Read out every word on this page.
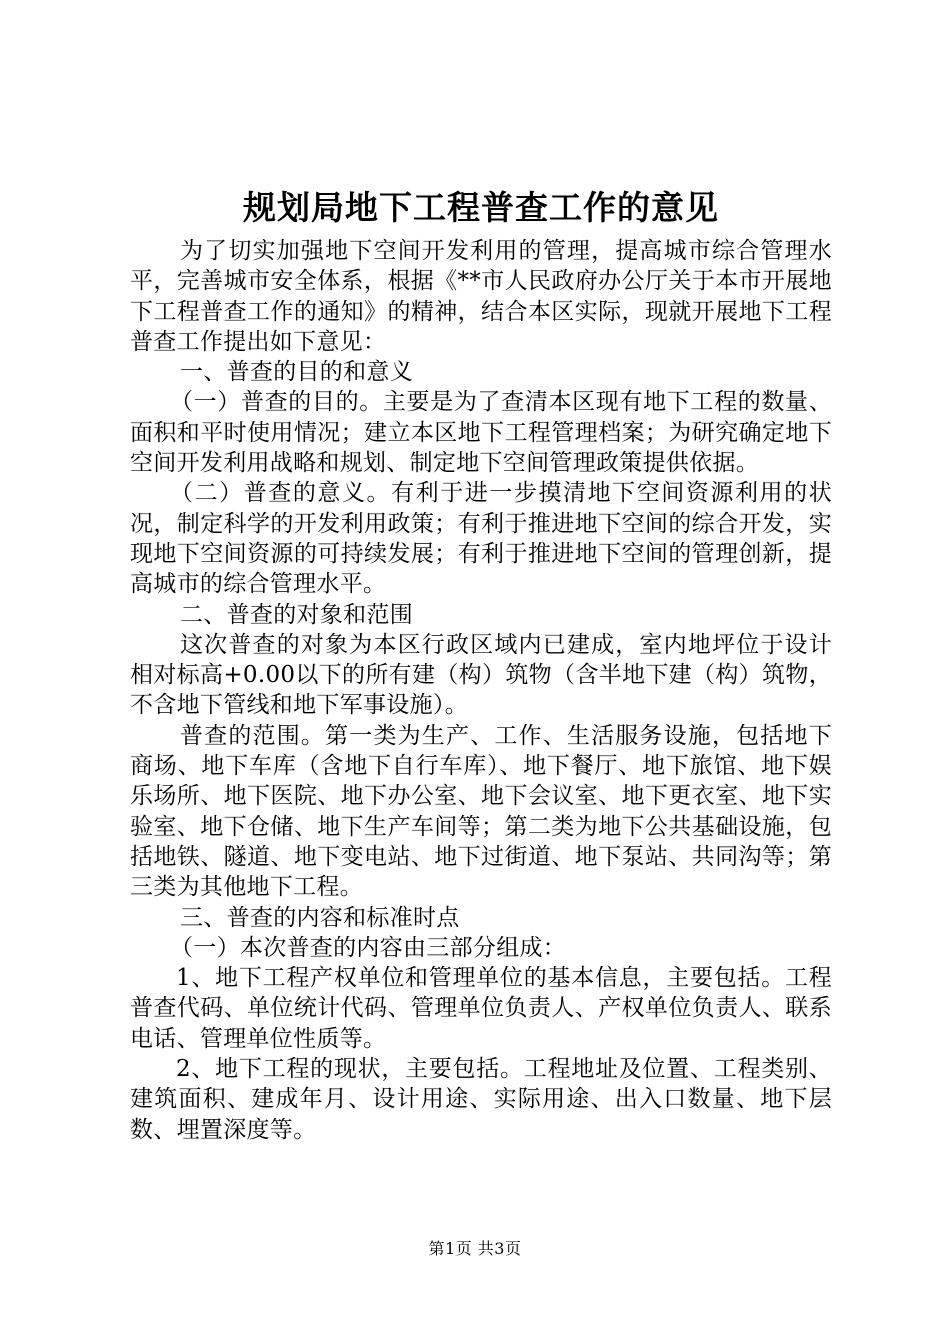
规划局地下工程普查工作的意见

为了切实加强地下空间开发利用的管理，提高城市综合管理水平，完善城市安全体系，根据《**市人民政府办公厅关于本市开展地下工程普查工作的通知》的精神，结合本区实际，现就开展地下工程普查工作提出如下意见：

一、普查的目的和意义

（一）普查的目的。主要是为了查清本区现有地下工程的数量、面积和平时使用情况；建立本区地下工程管理档案；为研究确定地下空间开发利用战略和规划、制定地下空间管理政策提供依据。

（二）普查的意义。有利于进一步摸清地下空间资源利用的状况，制定科学的开发利用政策；有利于推进地下空间的综合开发，实现地下空间资源的可持续发展；有利于推进地下空间的管理创新，提高城市的综合管理水平。

二、普查的对象和范围

这次普查的对象为本区行政区域内已建成，室内地坪位于设计相对标高+0.00以下的所有建（构）筑物（含半地下建（构）筑物，不含地下管线和地下军事设施）。

普查的范围。第一类为生产、工作、生活服务设施，包括地下商场、地下车库（含地下自行车库）、地下餐厅、地下旅馆、地下娱乐场所、地下医院、地下办公室、地下会议室、地下更衣室、地下实验室、地下仓储、地下生产车间等；第二类为地下公共基础设施，包括地铁、隧道、地下变电站、地下过街道、地下泵站、共同沟等；第三类为其他地下工程。

三、普查的内容和标准时点

（一）本次普查的内容由三部分组成：

1、地下工程产权单位和管理单位的基本信息，主要包括。工程普查代码、单位统计代码、管理单位负责人、产权单位负责人、联系电话、管理单位性质等。

2、地下工程的现状，主要包括。工程地址及位置、工程类别、建筑面积、建成年月、设计用途、实际用途、出入口数量、地下层数、埋置深度等。

第1页 共3页
